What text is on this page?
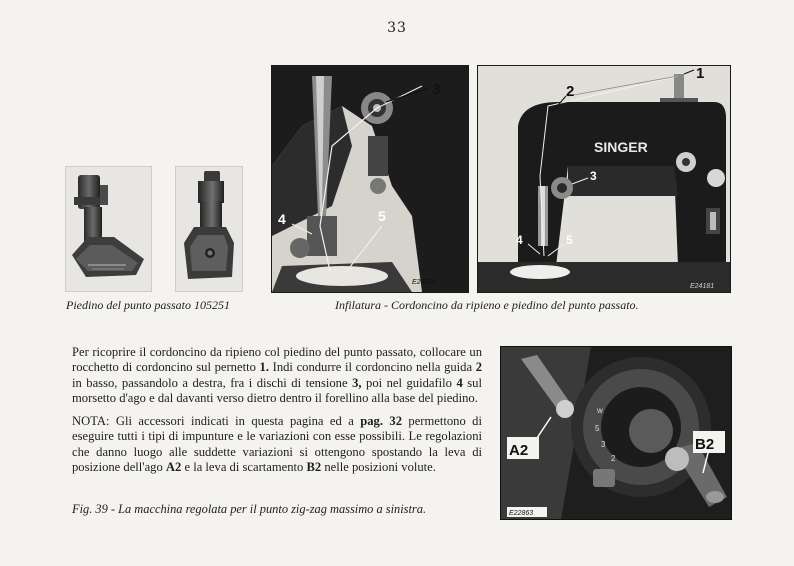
33
3
4	5
E24264
SINGER
1
2
3
4	5
E24181
Piedino del punto passato 105251	Infilatura - Cordoncino da ripieno e piedino del punto passato.

Per ricoprire il cordoncino da ripieno col piedino del punto passato, collocare un rocchetto di cordoncino sul pernetto 1. Indi condurre il cordoncino nella guida 2 in basso, passandolo a destra, fra i dischi di tensione 3, poi nel guidafilo 4 sul morsetto d'ago e dal davanti verso dietro dentro il forellino alla base del piedino.

NOTA: Gli accessori indicati in questa pagina ed a pag. 32 permettono di eseguire tutti i tipi di impunture e le variazioni con esse possibili. Le regolazioni che danno luogo alle suddette variazioni si ottengono spostando la leva di posizione dell'ago A2 e la leva di scartamento B2 nelle posizioni volute.

Fig. 39 - La macchina regolata per il punto zig-zag massimo a sinistra.
w
5
3
2
A2	B2
E22863
